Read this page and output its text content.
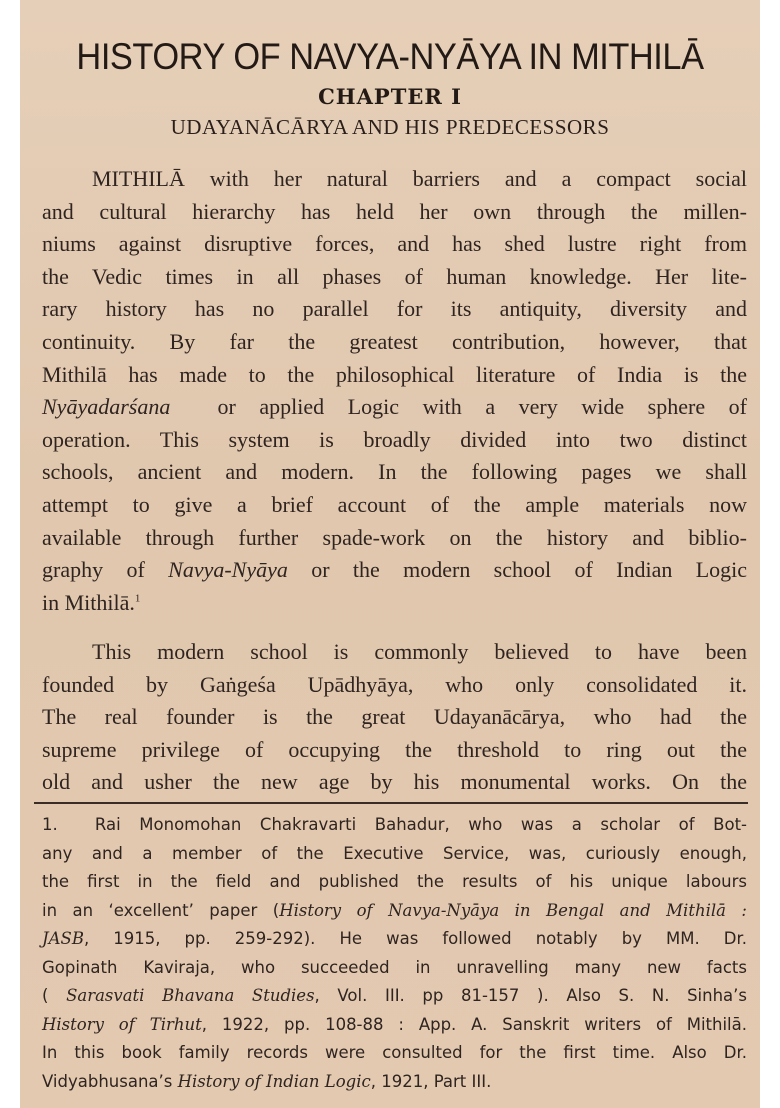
HISTORY OF NAVYA-NYĀYA IN MITHILĀ
CHAPTER I
UDAYANĀCĀRYA AND HIS PREDECESSORS
MITHILĀ with her natural barriers and a compact social
and cultural hierarchy has held her own through the millen-
niums against disruptive forces, and has shed lustre right from
the Vedic times in all phases of human knowledge. Her lite-
rary history has no parallel for its antiquity, diversity and
continuity. By far the greatest contribution, however, that
Mithilā has made to the philosophical literature of India is the
Nyāyadarśana or applied Logic with a very wide sphere of
operation. This system is broadly divided into two distinct
schools, ancient and modern. In the following pages we shall
attempt to give a brief account of the ample materials now
available through further spade-work on the history and biblio-
graphy of Navya-Nyāya or the modern school of Indian Logic
in Mithilā.$^1$
This modern school is commonly believed to have been
founded by Gaṅgeśa Upādhyāya, who only consolidated it.
The real founder is the great Udayanācārya, who had the
supreme privilege of occupying the threshold to ring out the
old and usher the new age by his monumental works. On the
1. Rai Monomohan Chakravarti Bahadur, who was a scholar of Bot-
any and a member of the Executive Service, was, curiously enough,
the first in the field and published the results of his unique labours
in an ‘excellent’ paper (History of Navya-Nyāya in Bengal and Mithilā :
JASB, 1915, pp. 259-292). He was followed notably by MM. Dr.
Gopinath Kaviraja, who succeeded in unravelling many new facts
( Sarasvati Bhavana Studies, Vol. III. pp 81-157 ). Also S. N. Sinha’s
History of Tirhut, 1922, pp. 108-88 : App. A. Sanskrit writers of Mithilā.
In this book family records were consulted for the first time. Also Dr.
Vidyabhusana’s History of Indian Logic, 1921, Part III.
